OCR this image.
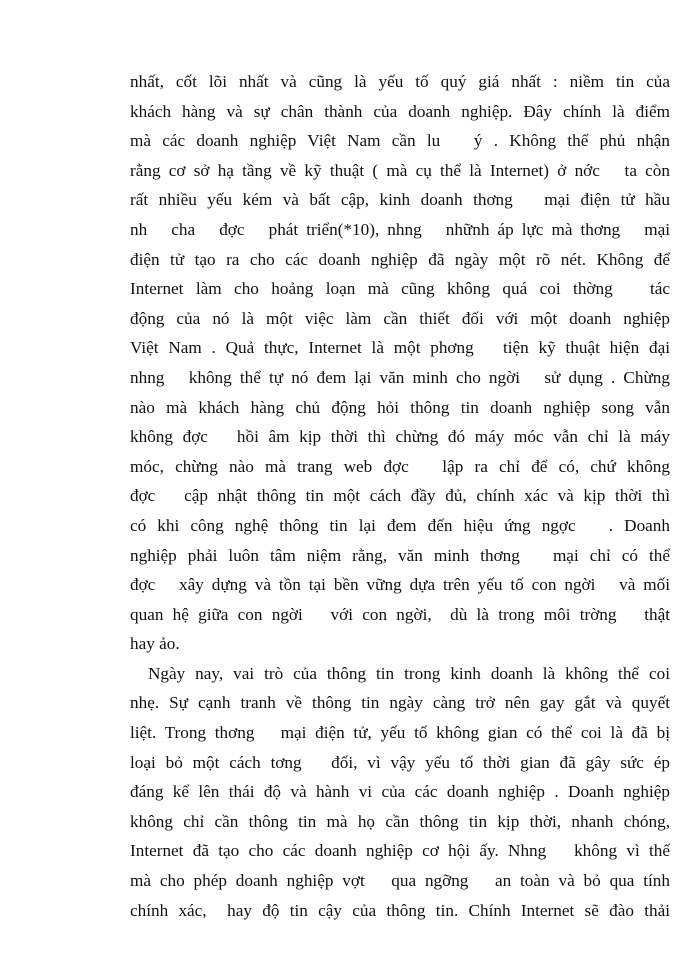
nhất, cốt lõi nhất và cũng là yếu tố quý giá nhất : niềm tin của
khách hàng và sự chân thành của doanh nghiệp. Đây chính là điểm
mà các doanh nghiệp Việt Nam cần lu   ý . Không thể phủ nhận
rằng cơ sở hạ tầng về kỹ thuật ( mà cụ thể là Internet) ở nớc   ta còn
rất nhiều yếu kém và bất cập, kinh doanh thơng   mại điện tử hầu
nh   cha   đợc   phát triển(*10), nhng   nhữnh áp lực mà thơng   mại
điện tử tạo ra cho các doanh nghiệp đã ngày một rõ nét. Không để
Internet làm cho hoảng loạn mà cũng không quá coi thờng   tác
động của nó là một việc làm cần thiết đối với một doanh nghiệp
Việt Nam . Quả thực, Internet là một phơng   tiện kỹ thuật hiện đại
nhng   không thể tự nó đem lại văn minh cho ngời   sử dụng . Chừng
nào mà khách hàng chủ động hỏi thông tin doanh nghiệp song vẫn
không đợc   hồi âm kịp thời thì chừng đó máy móc vẫn chỉ là máy
móc, chừng nào mà trang web đợc   lập ra chỉ để có, chứ không
đợc   cập nhật thông tin một cách đầy đủ, chính xác và kịp thời thì
có khi công nghệ thông tin lại đem đến hiệu ứng ngợc   . Doanh
nghiệp phải luôn tâm niệm rằng, văn minh thơng   mại chỉ có thể
đợc   xây dựng và tồn tại bền vững dựa trên yếu tố con ngời   và mối
quan hệ giữa con ngời   với con ngời,  dù là trong môi trờng   thật
hay ảo.
Ngày nay, vai trò của thông tin trong kinh doanh là không thể coi
nhẹ. Sự cạnh tranh về thông tin ngày càng trở nên gay gắt và quyết
liệt. Trong thơng   mại điện tử, yếu tố không gian có thể coi là đã bị
loại bỏ một cách tơng   đối, vì vậy yếu tố thời gian đã gây sức ép
đáng kể lên thái độ và hành vi của các doanh nghiệp . Doanh nghiệp
không chỉ cần thông tin mà họ cần thông tin kịp thời, nhanh chóng,
Internet đã tạo cho các doanh nghiệp cơ hội ấy. Nhng   không vì thế
mà cho phép doanh nghiệp vợt   qua ngỡng   an toàn và bỏ qua tính
chính xác,  hay độ tin cậy của thông tin. Chính Internet sẽ đào thải
